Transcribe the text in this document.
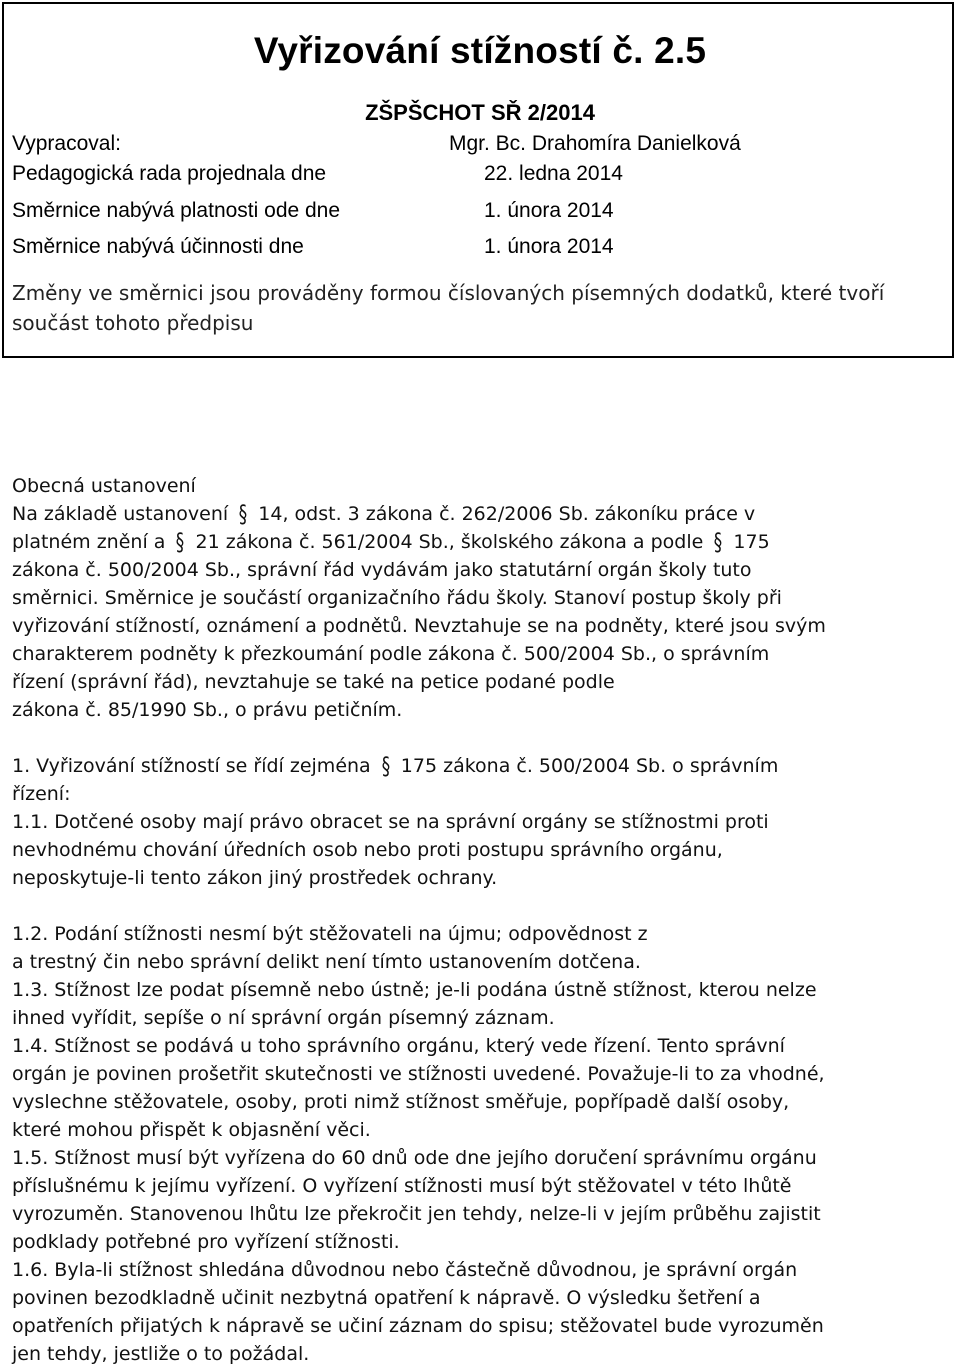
Vyřizování stížností č. 2.5
ZŠPŠCHOT SŘ 2/2014
Vypracoval:	Mgr. Bc. Drahomíra Danielková
Pedagogická rada projednala dne	22. ledna 2014
Směrnice nabývá platnosti ode dne	1. února 2014
Směrnice nabývá účinnosti dne	1. února 2014
Změny ve směrnici jsou prováděny formou číslovaných písemných dodatků, které tvoří součást tohoto předpisu

Obecná ustanovení

Na základě ustanovení § 14, odst. 3 zákona č. 262/2006 Sb. zákoníku práce v

platném znění a § 21 zákona č. 561/2004 Sb., školského zákona a podle § 175

zákona č. 500/2004 Sb., správní řád vydávám jako statutární orgán školy tuto

směrnici. Směrnice je součástí organizačního řádu školy. Stanoví postup školy při

vyřizování stížností, oznámení a podnětů. Nevztahuje se na podněty, které jsou svým

charakterem podněty k přezkoumání podle zákona č. 500/2004 Sb., o správním

řízení (správní řád), nevztahuje se také na petice podané podle

zákona č. 85/1990 Sb., o právu petičním.

1. Vyřizování stížností se řídí zejména § 175 zákona č. 500/2004 Sb. o správním

řízení:

1.1. Dotčené osoby mají právo obracet se na správní orgány se stížnostmi proti

nevhodnému chování úředních osob nebo proti postupu správního orgánu,

neposkytuje-li tento zákon jiný prostředek ochrany.

1.2. Podání stížnosti nesmí být stěžovateli na újmu; odpovědnost z

a trestný čin nebo správní delikt není tímto ustanovením dotčena.

1.3. Stížnost lze podat písemně nebo ústně; je-li podána ústně stížnost, kterou nelze

ihned vyřídit, sepíše o ní správní orgán písemný záznam.

1.4. Stížnost se podává u toho správního orgánu, který vede řízení. Tento správní

orgán je povinen prošetřit skutečnosti ve stížnosti uvedené. Považuje-li to za vhodné,

vyslechne stěžovatele, osoby, proti nimž stížnost směřuje, popřípadě další osoby,

které mohou přispět k objasnění věci.

1.5. Stížnost musí být vyřízena do 60 dnů ode dne jejího doručení správnímu orgánu

příslušnému k jejímu vyřízení. O vyřízení stížnosti musí být stěžovatel v této lhůtě

vyrozuměn. Stanovenou lhůtu lze překročit jen tehdy, nelze-li v jejím průběhu zajistit

podklady potřebné pro vyřízení stížnosti.

1.6. Byla-li stížnost shledána důvodnou nebo částečně důvodnou, je správní orgán

povinen bezodkladně učinit nezbytná opatření k nápravě. O výsledku šetření a

opatřeních přijatých k nápravě se učiní záznam do spisu; stěžovatel bude vyrozuměn

jen tehdy, jestliže o to požádal.
